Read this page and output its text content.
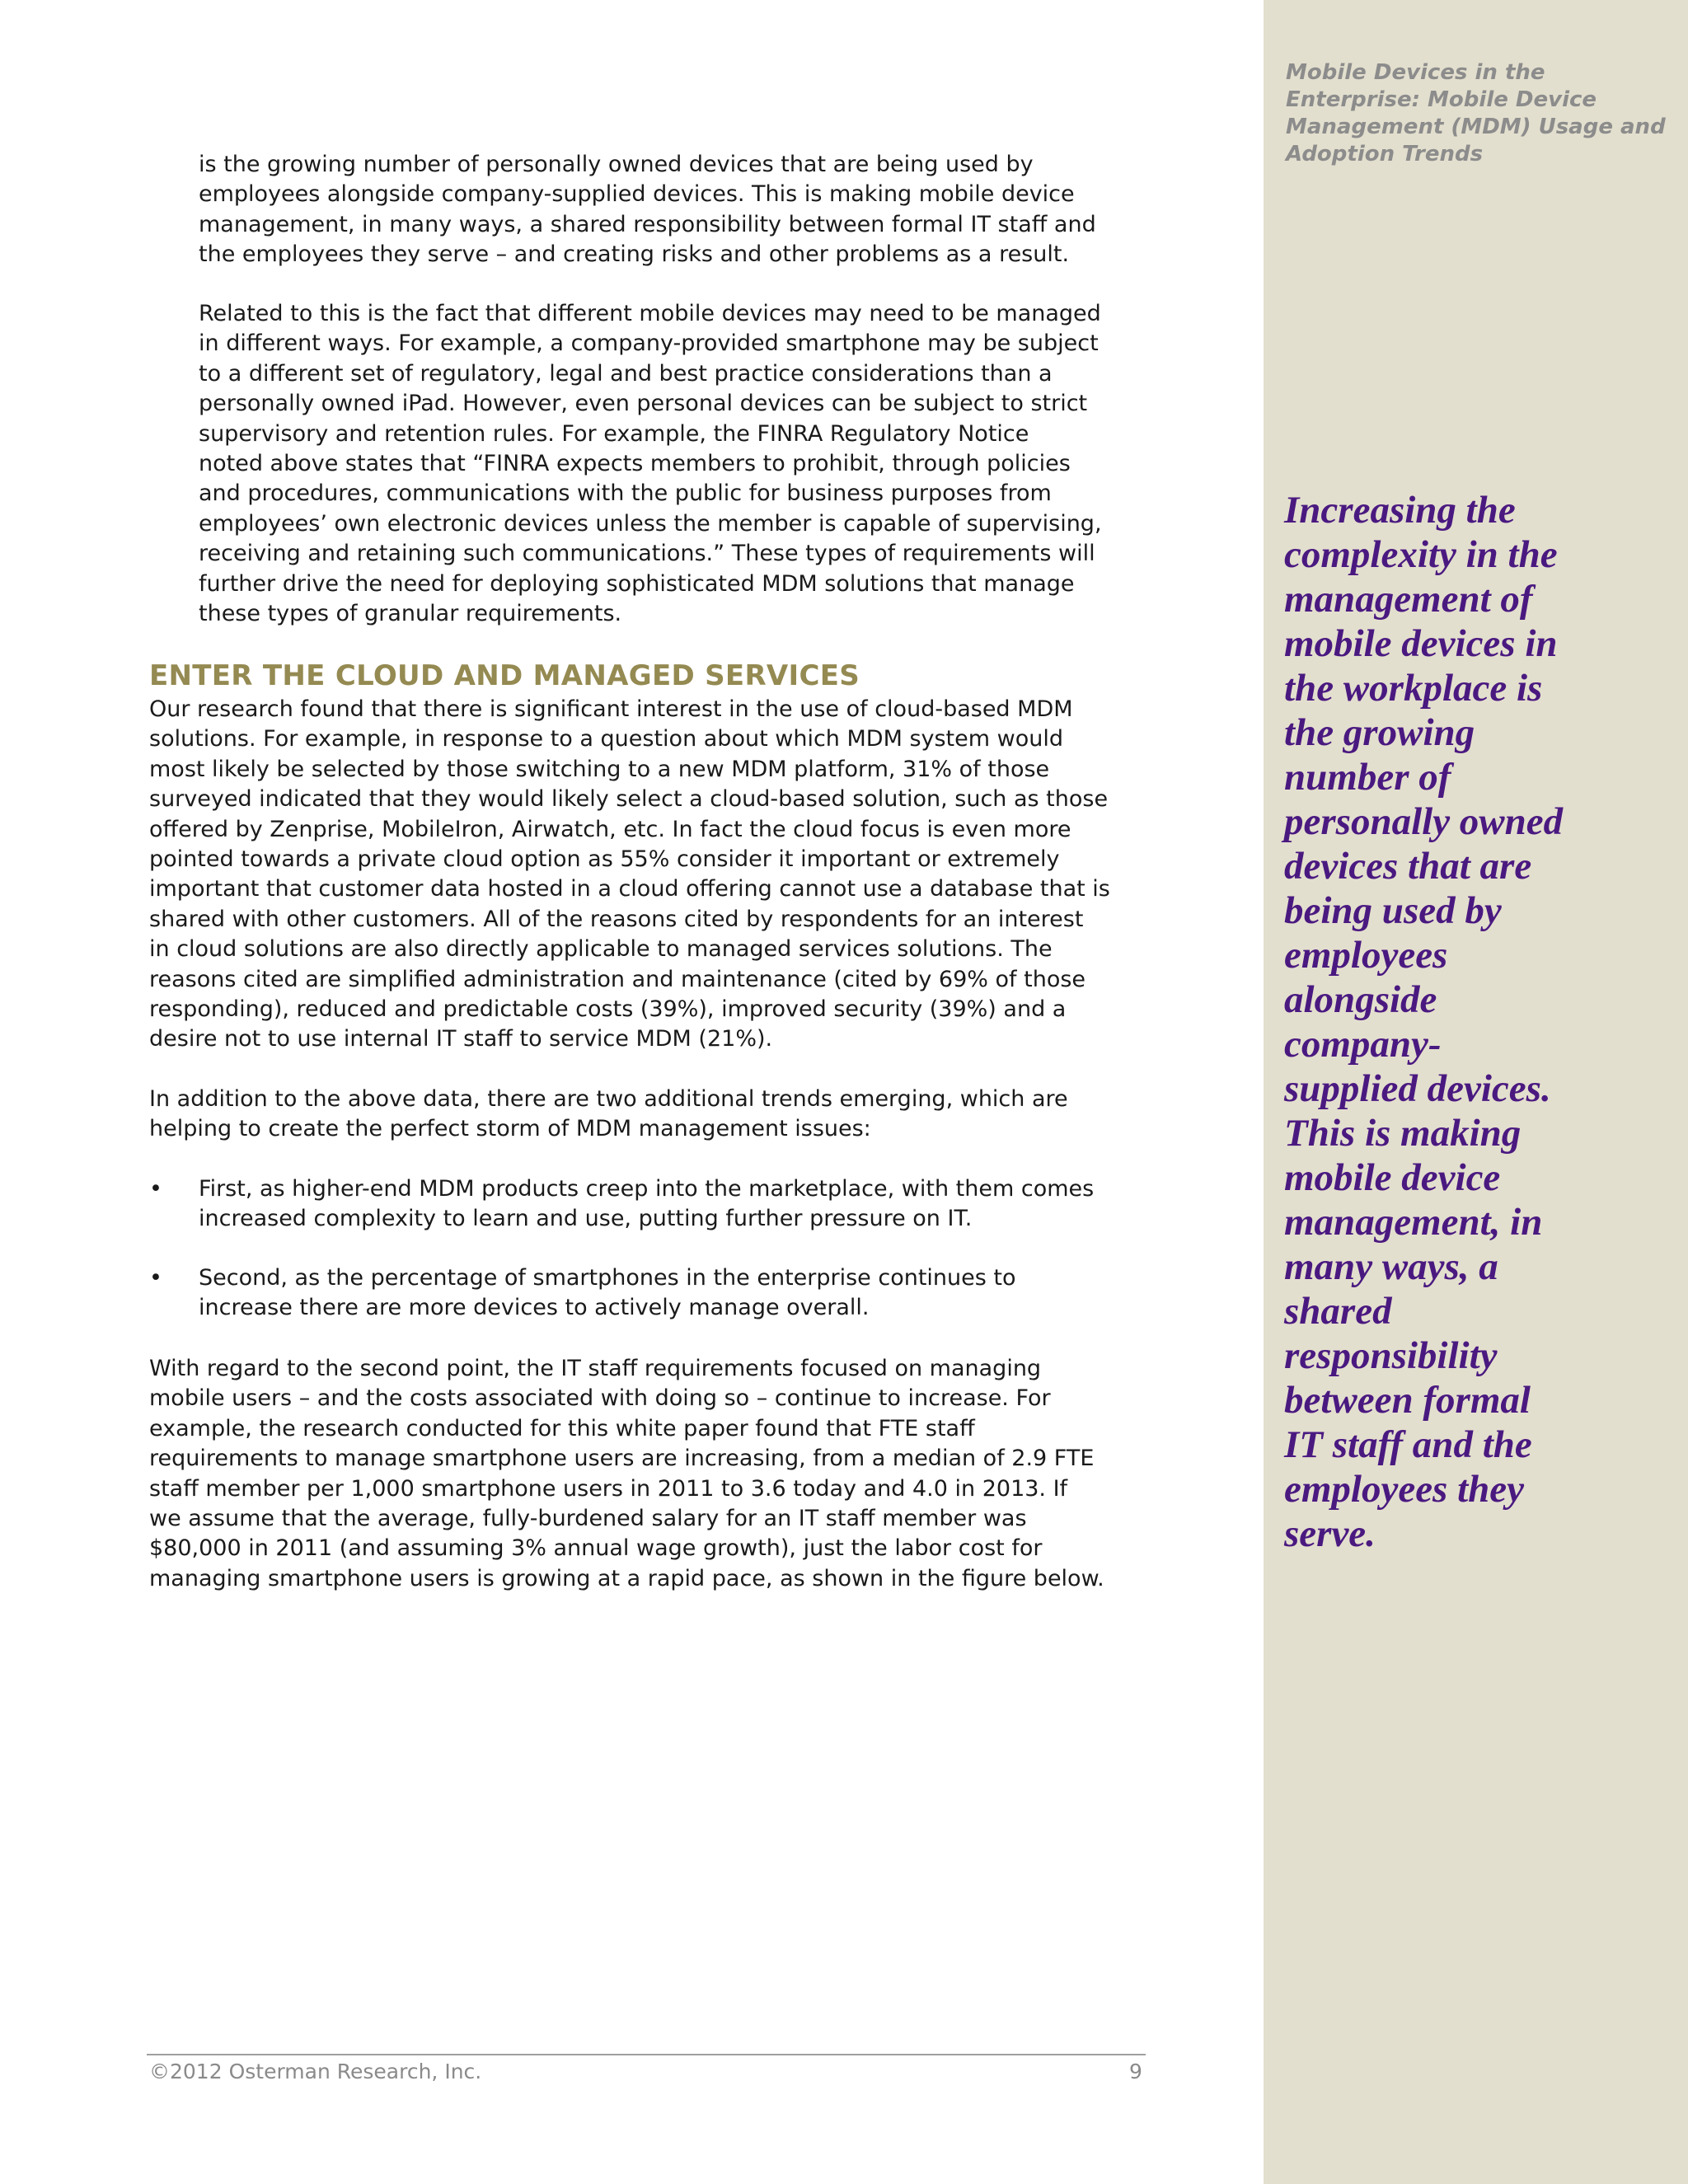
Mobile Devices in the
Enterprise: Mobile Device
Management (MDM) Usage and
Adoption Trends
Increasing the
complexity in the
management of
mobile devices in
the workplace is
the growing
number of
personally owned
devices that are
being used by
employees
alongside
company-
supplied devices.
This is making
mobile device
management, in
many ways, a
shared
responsibility
between formal
IT staff and the
employees they
serve.
is the growing number of personally owned devices that are being used by
employees alongside company-supplied devices. This is making mobile device
management, in many ways, a shared responsibility between formal IT staff and
the employees they serve – and creating risks and other problems as a result.
Related to this is the fact that different mobile devices may need to be managed
in different ways. For example, a company-provided smartphone may be subject
to a different set of regulatory, legal and best practice considerations than a
personally owned iPad. However, even personal devices can be subject to strict
supervisory and retention rules. For example, the FINRA Regulatory Notice
noted above states that “FINRA expects members to prohibit, through policies
and procedures, communications with the public for business purposes from
employees’ own electronic devices unless the member is capable of supervising,
receiving and retaining such communications.” These types of requirements will
further drive the need for deploying sophisticated MDM solutions that manage
these types of granular requirements.
ENTER THE CLOUD AND MANAGED SERVICES
Our research found that there is significant interest in the use of cloud-based MDM
solutions. For example, in response to a question about which MDM system would
most likely be selected by those switching to a new MDM platform, 31% of those
surveyed indicated that they would likely select a cloud-based solution, such as those
offered by Zenprise, MobileIron, Airwatch, etc. In fact the cloud focus is even more
pointed towards a private cloud option as 55% consider it important or extremely
important that customer data hosted in a cloud offering cannot use a database that is
shared with other customers. All of the reasons cited by respondents for an interest
in cloud solutions are also directly applicable to managed services solutions. The
reasons cited are simplified administration and maintenance (cited by 69% of those
responding), reduced and predictable costs (39%), improved security (39%) and a
desire not to use internal IT staff to service MDM (21%).
In addition to the above data, there are two additional trends emerging, which are
helping to create the perfect storm of MDM management issues:
• First, as higher-end MDM products creep into the marketplace, with them comes
increased complexity to learn and use, putting further pressure on IT.
• Second, as the percentage of smartphones in the enterprise continues to
increase there are more devices to actively manage overall.
With regard to the second point, the IT staff requirements focused on managing
mobile users – and the costs associated with doing so – continue to increase. For
example, the research conducted for this white paper found that FTE staff
requirements to manage smartphone users are increasing, from a median of 2.9 FTE
staff member per 1,000 smartphone users in 2011 to 3.6 today and 4.0 in 2013. If
we assume that the average, fully-burdened salary for an IT staff member was
$80,000 in 2011 (and assuming 3% annual wage growth), just the labor cost for
managing smartphone users is growing at a rapid pace, as shown in the figure below.
©2012 Osterman Research, Inc.	9
